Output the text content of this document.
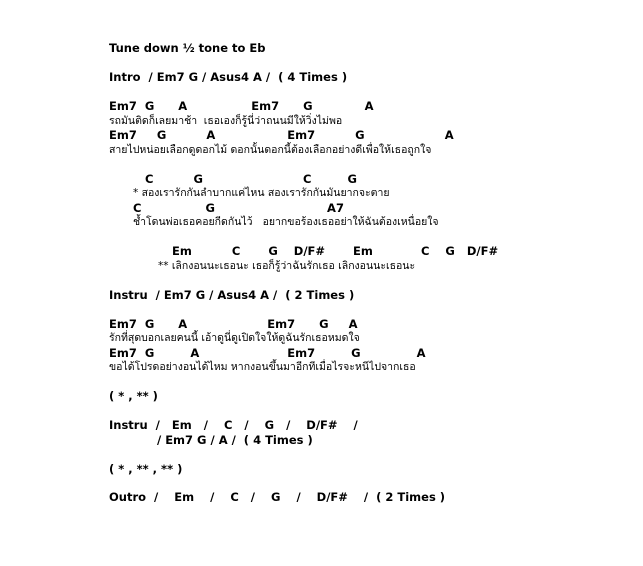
Tune down ½ tone to Eb
Intro  / Em7 G / Asus4 A /  ( 4 Times )
Em7  G      A                Em7      G             A
รถมันติดก็เลยมาช้า  เธอเองก็รู้นี่ว่าถนนมีให้วิ่งไม่พอ
Em7     G          A                  Em7          G                    A
สายไปหน่อยเลือกดูดอกไม้ ดอกนั้นดอกนี้ต้องเลือกอย่างดีเพื่อให้เธอถูกใจ
C          G                         C         G
* สองเรารักกันลำบากแค่ไหน สองเรารักกันมันยากจะตาย
C                G                            A7
ช้ำโดนพ่อเธอคอยกีดกันไว้   อยากขอร้องเธออย่าให้ฉันต้องเหนื่อยใจ
Em          C       G    D/F#       Em            C    G   D/F#
** เลิกงอนนะเธอนะ เธอก็รู้ว่าฉันรักเธอ เลิกงอนนะเธอนะ
Instru  / Em7 G / Asus4 A /  ( 2 Times )
Em7  G      A                    Em7      G     A
รักที่สุดบอกเลยคนนี้ เอ้าดูนี่ดูเปิดใจให้ดูฉันรักเธอหมดใจ
Em7  G         A                      Em7         G              A
ขอได้โปรดอย่างอนได้ไหม หากงอนขึ้นมาอีกทีเมื่อไรจะหนีไปจากเธอ
( * , ** )
Instru  /   Em   /    C   /    G   /    D/F#    /
/ Em7 G / A /  ( 4 Times )
( * , ** , ** )
Outro  /    Em    /    C   /    G    /    D/F#    /  ( 2 Times )
